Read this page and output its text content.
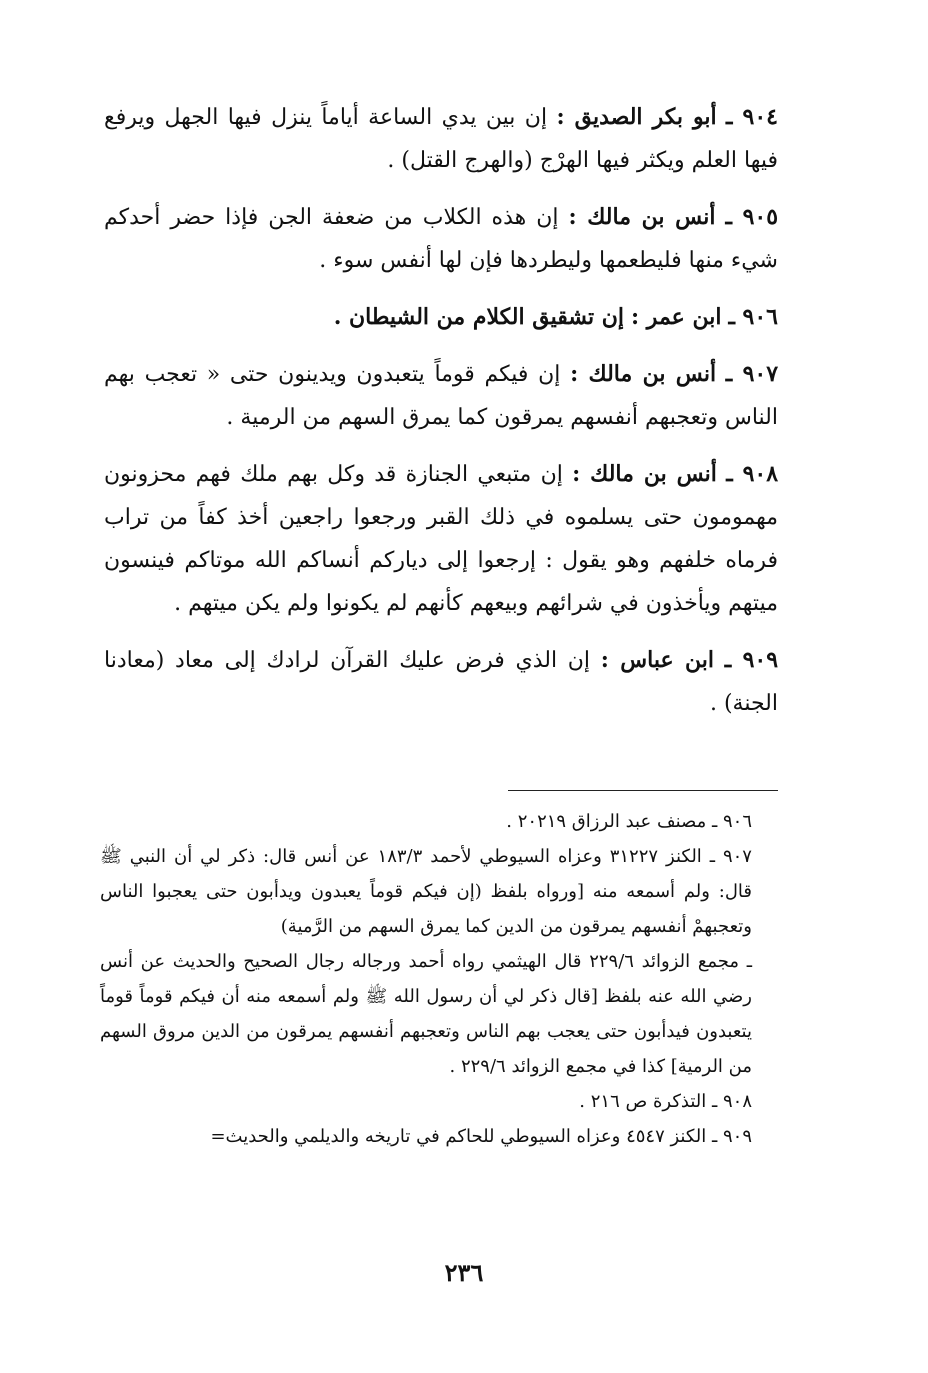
٩٠٤ ـ أبو بكر الصديق : إن بين يدي الساعة أياماً ينزل فيها الجهل ويرفع فيها العلم ويكثر فيها الهرْج (والهرج القتل) .

٩٠٥ ـ أنس بن مالك : إن هذه الكلاب من ضعفة الجن فإذا حضر أحدكم شيء منها فليطعمها وليطردها فإن لها أنفس سوء .

٩٠٦ ـ ابن عمر : إن تشقيق الكلام من الشيطان .

٩٠٧ ـ أنس بن مالك : إن فيكم قوماً يتعبدون ويدينون حتى « تعجب بهم الناس وتعجبهم أنفسهم يمرقون كما يمرق السهم من الرمية .

٩٠٨ ـ أنس بن مالك : إن متبعي الجنازة قد وكل بهم ملك فهم محزونون مهمومون حتى يسلموه في ذلك القبر ورجعوا راجعين أخذ كفاً من تراب فرماه خلفهم وهو يقول : إرجعوا إلى دياركم أنساكم الله موتاكم فينسون ميتهم ويأخذون في شرائهم وبيعهم كأنهم لم يكونوا ولم يكن ميتهم .

٩٠٩ ـ ابن عباس : إن الذي فرض عليك القرآن لرادك إلى معاد (معادنا الجنة) .

٩٠٦ ـ مصنف عبد الرزاق ٢٠٢١٩ .

٩٠٧ ـ الكنز ٣١٢٢٧ وعزاه السيوطي لأحمد ١٨٣/٣ عن أنس قال: ذكر لي أن النبي ﷺ قال: ولم أسمعه منه [ورواه بلفظ (إن فيكم قوماً يعبدون ويدأبون حتى يعجبوا الناس وتعجبهمْ أنفسهم يمرقون من الدين كما يمرق السهم من الرَّمية)

ـ مجمع الزوائد ٢٢٩/٦ قال الهيثمي رواه أحمد ورجاله رجال الصحيح والحديث عن أنس رضي الله عنه بلفظ [قال ذكر لي أن رسول الله ﷺ ولم أسمعه منه أن فيكم قوماً قوماً يتعبدون فيدأبون حتى يعجب بهم الناس وتعجبهم أنفسهم يمرقون من الدين مروق السهم من الرمية] كذا في مجمع الزوائد ٢٢٩/٦ .

٩٠٨ ـ التذكرة ص ٢١٦ .

٩٠٩ ـ الكنز ٤٥٤٧ وعزاه السيوطي للحاكم في تاريخه والديلمي والحديث=

٢٣٦
